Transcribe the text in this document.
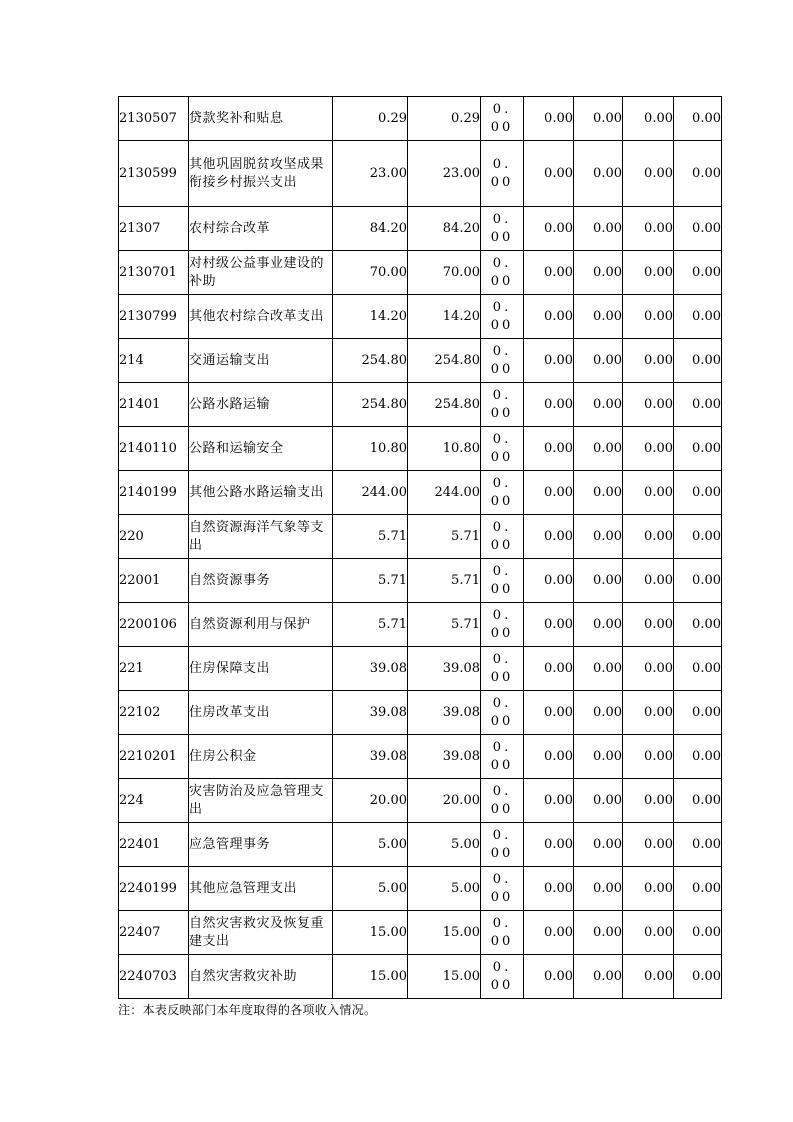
2130507	贷款奖补和贴息	0.29	0.29	0.00	0.00	0.00	0.00	0.00
2130599	其他巩固脱贫攻坚成果衔接乡村振兴支出	23.00	23.00	0.00	0.00	0.00	0.00	0.00
21307	农村综合改革	84.20	84.20	0.00	0.00	0.00	0.00	0.00
2130701	对村级公益事业建设的补助	70.00	70.00	0.00	0.00	0.00	0.00	0.00
2130799	其他农村综合改革支出	14.20	14.20	0.00	0.00	0.00	0.00	0.00
214	交通运输支出	254.80	254.80	0.00	0.00	0.00	0.00	0.00
21401	公路水路运输	254.80	254.80	0.00	0.00	0.00	0.00	0.00
2140110	公路和运输安全	10.80	10.80	0.00	0.00	0.00	0.00	0.00
2140199	其他公路水路运输支出	244.00	244.00	0.00	0.00	0.00	0.00	0.00
220	自然资源海洋气象等支出	5.71	5.71	0.00	0.00	0.00	0.00	0.00
22001	自然资源事务	5.71	5.71	0.00	0.00	0.00	0.00	0.00
2200106	自然资源利用与保护	5.71	5.71	0.00	0.00	0.00	0.00	0.00
221	住房保障支出	39.08	39.08	0.00	0.00	0.00	0.00	0.00
22102	住房改革支出	39.08	39.08	0.00	0.00	0.00	0.00	0.00
2210201	住房公积金	39.08	39.08	0.00	0.00	0.00	0.00	0.00
224	灾害防治及应急管理支出	20.00	20.00	0.00	0.00	0.00	0.00	0.00
22401	应急管理事务	5.00	5.00	0.00	0.00	0.00	0.00	0.00
2240199	其他应急管理支出	5.00	5.00	0.00	0.00	0.00	0.00	0.00
22407	自然灾害救灾及恢复重建支出	15.00	15.00	0.00	0.00	0.00	0.00	0.00
2240703	自然灾害救灾补助	15.00	15.00	0.00	0.00	0.00	0.00	0.00
注：本表反映部门本年度取得的各项收入情况。
